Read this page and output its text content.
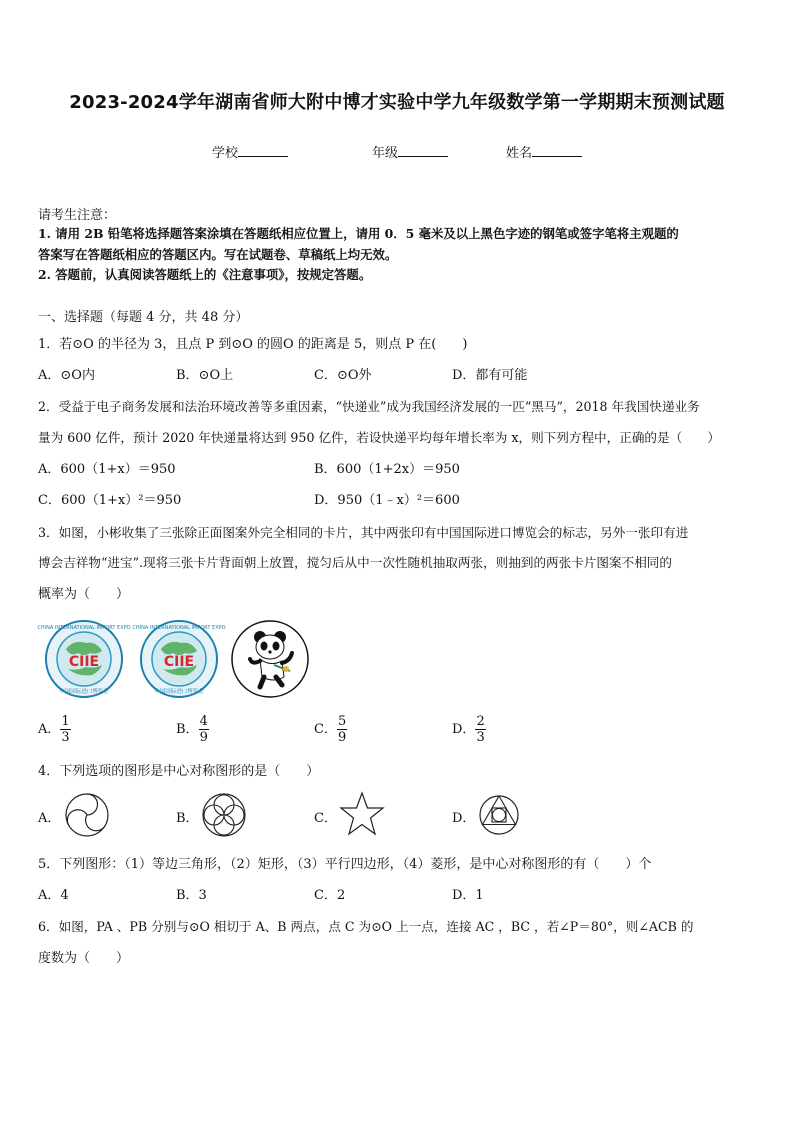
2023-2024学年湖南省师大附中博才实验中学九年级数学第一学期期末预测试题
学校	年级	姓名
请考生注意：
1. 请用 2B 铅笔将选择题答案涂填在答题纸相应位置上，请用 0．5 毫米及以上黑色字迹的钢笔或签字笔将主观题的
答案写在答题纸相应的答题区内。写在试题卷、草稿纸上均无效。
2. 答题前，认真阅读答题纸上的《注意事项》，按规定答题。
一、选择题（每题 4 分，共 48 分）
1．若⊙O 的半径为 3，且点 P 到⊙O 的圆O 的距离是 5，则点 P 在(　　)
A．⊙O内	B．⊙O上	C．⊙O外	D．都有可能
2．受益于电子商务发展和法治环境改善等多重因素，“快递业”成为我国经济发展的一匹“黑马”，2018 年我国快递业务
量为 600 亿件，预计 2020 年快递量将达到 950 亿件，若设快递平均每年增长率为 x，则下列方程中，正确的是（　　）
A．600（1+x）＝950	B．600（1+2x）＝950
C．600（1+x）²＝950	D．950（1﹣x）²＝600
3．如图，小彬收集了三张除正面图案外完全相同的卡片，其中两张印有中国国际进口博览会的标志，另外一张印有进
博会吉祥物“进宝”.现将三张卡片背面朝上放置，搅匀后从中一次性随机抽取两张，则抽到的两张卡片图案不相同的
概率为（　　）
CIIE
CHINA INTERNATIONAL IMPORT EXPO
中国国际进口博览会
CIIE
CHINA INTERNATIONAL IMPORT EXPO
中国国际进口博览会
A． $\frac{1}{3}$	B． $\frac{4}{9}$	C． $\frac{5}{9}$	D． $\frac{2}{3}$
4．下列选项的图形是中心对称图形的是（　　）
A．	B．	C．	D．
5．下列图形：（1）等边三角形，（2）矩形，（3）平行四边形，（4）菱形，是中心对称图形的有（　　）个
A．4	B．3	C．2	D．1
6．如图，PA 、PB 分别与⊙O 相切于 A、B 两点，点 C 为⊙O 上一点，连接 AC ，BC ，若∠P＝80°，则∠ACB 的
度数为（　　）
